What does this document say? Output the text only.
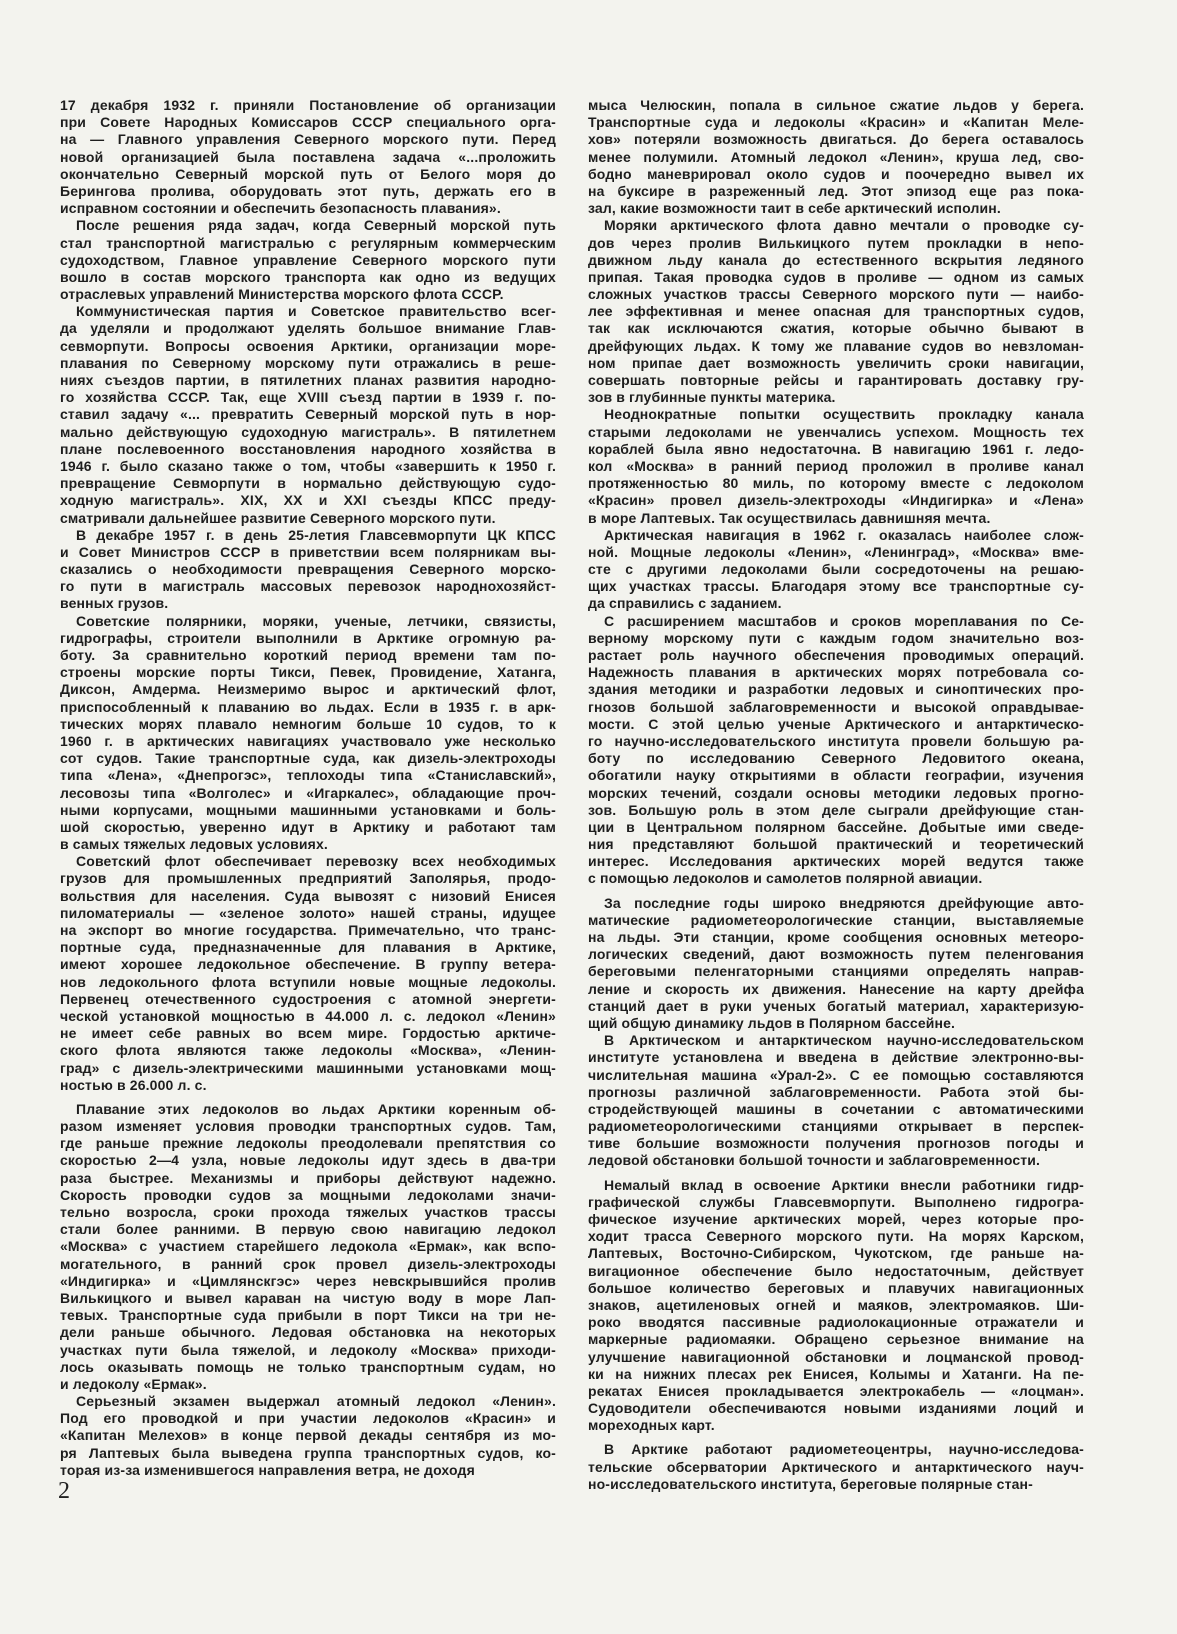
17 декабря 1932 г. приняли Постановление об организации
при Совете Народных Комиссаров СССР специального орга-
на — Главного управления Северного морского пути. Перед
новой организацией была поставлена задача «...проложить
окончательно Северный морской путь от Белого моря до
Берингова пролива, оборудовать этот путь, держать его в
исправном состоянии и обеспечить безопасность плавания».
После решения ряда задач, когда Северный морской путь
стал транспортной магистралью с регулярным коммерческим
судоходством, Главное управление Северного морского пути
вошло в состав морского транспорта как одно из ведущих
отраслевых управлений Министерства морского флота СССР.
Коммунистическая партия и Советское правительство всег-
да уделяли и продолжают уделять большое внимание Глав-
севморпути. Вопросы освоения Арктики, организации море-
плавания по Северному морскому пути отражались в реше-
ниях съездов партии, в пятилетних планах развития народно-
го хозяйства СССР. Так, еще XVIII съезд партии в 1939 г. по-
ставил задачу «... превратить Северный морской путь в нор-
мально действующую судоходную магистраль». В пятилетнем
плане послевоенного восстановления народного хозяйства в
1946 г. было сказано также о том, чтобы «завершить к 1950 г.
превращение Севморпути в нормально действующую судо-
ходную магистраль». XIX, XX и XXI съезды КПСС преду-
сматривали дальнейшее развитие Северного морского пути.
В декабре 1957 г. в день 25-летия Главсевморпути ЦК КПСС
и Совет Министров СССР в приветствии всем полярникам вы-
сказались о необходимости превращения Северного морско-
го пути в магистраль массовых перевозок народнохозяйст-
венных грузов.
Советские полярники, моряки, ученые, летчики, связисты,
гидрографы, строители выполнили в Арктике огромную ра-
боту. За сравнительно короткий период времени там по-
строены морские порты Тикси, Певек, Провидение, Хатанга,
Диксон, Амдерма. Неизмеримо вырос и арктический флот,
приспособленный к плаванию во льдах. Если в 1935 г. в арк-
тических морях плавало немногим больше 10 судов, то к
1960 г. в арктических навигациях участвовало уже несколько
сот судов. Такие транспортные суда, как дизель-электроходы
типа «Лена», «Днепрогэс», теплоходы типа «Станиславский»,
лесовозы типа «Волголес» и «Игаркалес», обладающие проч-
ными корпусами, мощными машинными установками и боль-
шой скоростью, уверенно идут в Арктику и работают там
в самых тяжелых ледовых условиях.
Советский флот обеспечивает перевозку всех необходимых
грузов для промышленных предприятий Заполярья, продо-
вольствия для населения. Суда вывозят с низовий Енисея
пиломатериалы — «зеленое золото» нашей страны, идущее
на экспорт во многие государства. Примечательно, что транс-
портные суда, предназначенные для плавания в Арктике,
имеют хорошее ледокольное обеспечение. В группу ветера-
нов ледокольного флота вступили новые мощные ледоколы.
Первенец отечественного судостроения с атомной энергети-
ческой установкой мощностью в 44.000 л. с. ледокол «Ленин»
не имеет себе равных во всем мире. Гордостью арктиче-
ского флота являются также ледоколы «Москва», «Ленин-
град» с дизель-электрическими машинными установками мощ-
ностью в 26.000 л. с.
Плавание этих ледоколов во льдах Арктики коренным об-
разом изменяет условия проводки транспортных судов. Там,
где раньше прежние ледоколы преодолевали препятствия со
скоростью 2—4 узла, новые ледоколы идут здесь в два-три
раза быстрее. Механизмы и приборы действуют надежно.
Скорость проводки судов за мощными ледоколами значи-
тельно возросла, сроки прохода тяжелых участков трассы
стали более ранними. В первую свою навигацию ледокол
«Москва» с участием старейшего ледокола «Ермак», как вспо-
могательного, в ранний срок провел дизель-электроходы
«Индигирка» и «Цимлянскгэс» через невскрывшийся пролив
Вилькицкого и вывел караван на чистую воду в море Лап-
тевых. Транспортные суда прибыли в порт Тикси на три не-
дели раньше обычного. Ледовая обстановка на некоторых
участках пути была тяжелой, и ледоколу «Москва» приходи-
лось оказывать помощь не только транспортным судам, но
и ледоколу «Ермак».
Серьезный экзамен выдержал атомный ледокол «Ленин».
Под его проводкой и при участии ледоколов «Красин» и
«Капитан Мелехов» в конце первой декады сентября из мо-
ря Лаптевых была выведена группа транспортных судов, ко-
торая из-за изменившегося направления ветра, не доходя
мыса Челюскин, попала в сильное сжатие льдов у берега.
Транспортные суда и ледоколы «Красин» и «Капитан Меле-
хов» потеряли возможность двигаться. До берега оставалось
менее полумили. Атомный ледокол «Ленин», круша лед, сво-
бодно маневрировал около судов и поочередно вывел их
на буксире в разреженный лед. Этот эпизод еще раз пока-
зал, какие возможности таит в себе арктический исполин.
Моряки арктического флота давно мечтали о проводке су-
дов через пролив Вилькицкого путем прокладки в непо-
движном льду канала до естественного вскрытия ледяного
припая. Такая проводка судов в проливе — одном из самых
сложных участков трассы Северного морского пути — наибо-
лее эффективная и менее опасная для транспортных судов,
так как исключаются сжатия, которые обычно бывают в
дрейфующих льдах. К тому же плавание судов во невзлoман-
ном припае дает возможность увеличить сроки навигации,
совершать повторные рейсы и гарантировать доставку гру-
зов в глубинные пункты материка.
Неоднократные попытки осуществить прокладку канала
старыми ледоколами не увенчались успехом. Мощность тех
кораблей была явно недостаточна. В навигацию 1961 г. ледо-
кол «Москва» в ранний период проложил в проливе канал
протяженностью 80 миль, по которому вместе с ледоколом
«Красин» провел дизель-электроходы «Индигирка» и «Лена»
в море Лаптевых. Так осуществилась давнишняя мечта.
Арктическая навигация в 1962 г. оказалась наиболее слож-
ной. Мощные ледоколы «Ленин», «Ленинград», «Москва» вме-
сте с другими ледоколами были сосредоточены на решаю-
щих участках трассы. Благодаря этому все транспортные су-
да справились с заданием.
С расширением масштабов и сроков мореплавания по Се-
верному морскому пути с каждым годом значительно воз-
растает роль научного обеспечения проводимых операций.
Надежность плавания в арктических морях потребовала со-
здания методики и разработки ледовых и синоптических про-
гнозов большой заблаговременности и высокой оправдывае-
мости. С этой целью ученые Арктического и антарктическо-
го научно-исследовательского института провели большую ра-
боту по исследованию Северного Ледовитого океана,
обогатили науку открытиями в области географии, изучения
морских течений, создали основы методики ледовых прогно-
зов. Большую роль в этом деле сыграли дрейфующие стан-
ции в Центральном полярном бассейне. Добытые ими сведе-
ния представляют большой практический и теоретический
интерес. Исследования арктических морей ведутся также
с помощью ледоколов и самолетов полярной авиации.
За последние годы широко внедряются дрейфующие авто-
матические радиометеорологические станции, выставляемые
на льды. Эти станции, кроме сообщения основных метеоро-
логических сведений, дают возможность путем пеленгования
береговыми пеленгаторными станциями определять направ-
ление и скорость их движения. Нанесение на карту дрейфа
станций дает в руки ученых богатый материал, характеризую-
щий общую динамику льдов в Полярном бассейне.
В Арктическом и антарктическом научно-исследовательском
институте установлена и введена в действие электронно-вы-
числительная машина «Урал-2». С ее помощью составляются
прогнозы различной заблаговременности. Работа этой бы-
стродействующей машины в сочетании с автоматическими
радиометеорологическими станциями открывает в перспек-
тиве большие возможности получения прогнозов погоды и
ледовой обстановки большой точности и заблаговременности.
Немалый вклад в освоение Арктики внесли работники гидр-
графической службы Главсевморпути. Выполнено гидрогра-
фическое изучение арктических морей, через которые про-
ходит трасса Северного морского пути. На морях Карском,
Лаптевых, Восточно-Сибирском, Чукотском, где раньше на-
вигационное обеспечение было недостаточным, действует
большое количество береговых и плавучих навигационных
знаков, ацетиленовых огней и маяков, электромаяков. Ши-
роко вводятся пассивные радиолокационные отражатели и
маркерные радиомаяки. Обращено серьезное внимание на
улучшение навигационной обстановки и лоцманской провод-
ки на нижних плесах рек Енисея, Колымы и Хатанги. На пе-
рекатах Енисея прокладывается электрокабель — «лоцман».
Судоводители обеспечиваются новыми изданиями лоций и
мореходных карт.
В Арктике работают радиометеоцентры, научно-исследова-
тельские обсерватории Арктического и антарктического науч-
но-исследовательского института, береговые полярные стан-
2
